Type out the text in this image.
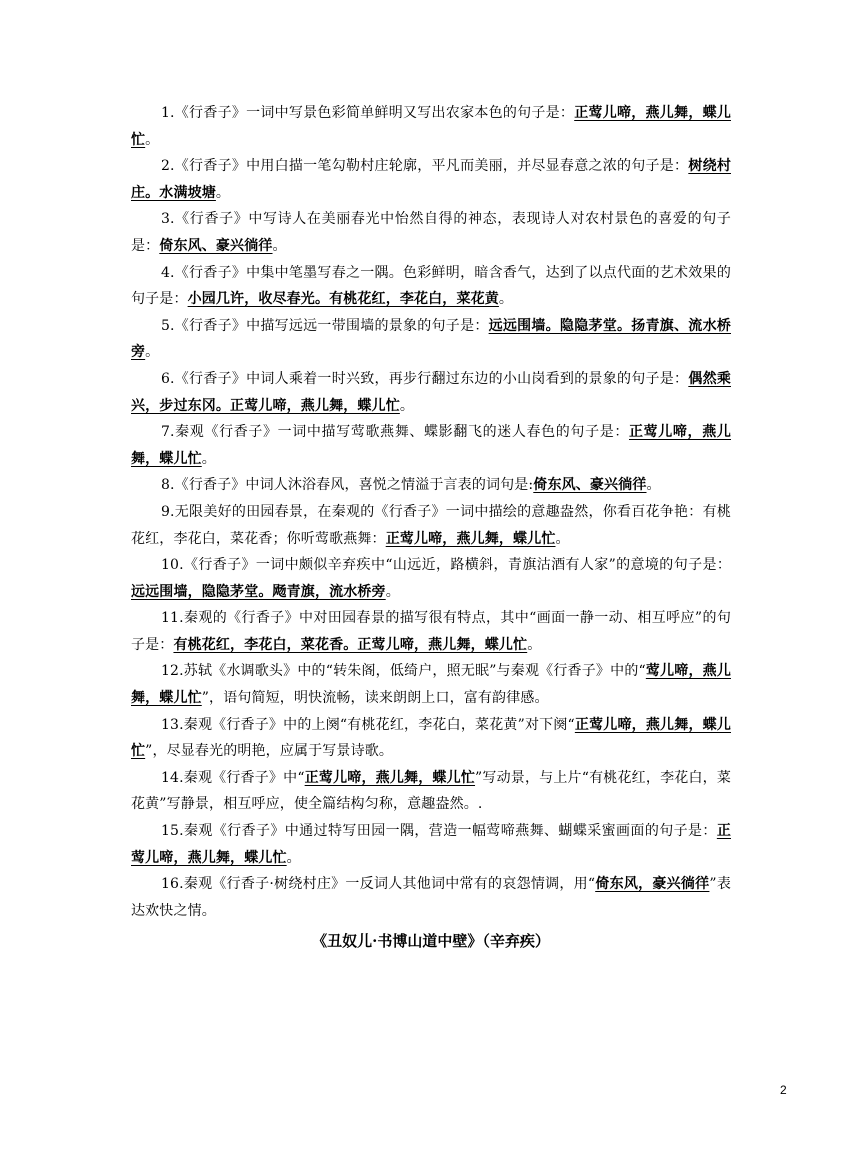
1.《行香子》一词中写景色彩简单鲜明又写出农家本色的句子是：正莺儿啼，燕儿舞，蝶儿忙。

2.《行香子》中用白描一笔勾勒村庄轮廓，平凡而美丽，并尽显春意之浓的句子是：树绕村庄。水满坡塘。

3.《行香子》中写诗人在美丽春光中怡然自得的神态，表现诗人对农村景色的喜爱的句子是：倚东风、豪兴徜徉。

4.《行香子》中集中笔墨写春之一隅。色彩鲜明，暗含香气，达到了以点代面的艺术效果的句子是：小园几许，收尽春光。有桃花红，李花白，菜花黄。

5.《行香子》中描写远远一带围墙的景象的句子是：远远围墙。隐隐茅堂。扬青旗、流水桥旁。

6.《行香子》中词人乘着一时兴致，再步行翻过东边的小山岗看到的景象的句子是：偶然乘兴，步过东冈。正莺儿啼，燕儿舞，蝶儿忙。

7.秦观《行香子》一词中描写莺歌燕舞、蝶影翻飞的迷人春色的句子是：正莺儿啼，燕儿舞，蝶儿忙。

8.《行香子》中词人沐浴春风，喜悦之情溢于言表的词句是:倚东风、豪兴徜徉。

9.无限美好的田园春景，在秦观的《行香子》一词中描绘的意趣盎然，你看百花争艳：有桃花红，李花白，菜花香；你听莺歌燕舞：正莺儿啼，燕儿舞，蝶儿忙。

10.《行香子》一词中颇似辛弃疾中“山远近，路横斜，青旗沽酒有人家”的意境的句子是：远远围墙，隐隐茅堂。飏青旗，流水桥旁。

11.秦观的《行香子》中对田园春景的描写很有特点，其中“画面一静一动、相互呼应”的句子是：有桃花红，李花白，菜花香。正莺儿啼，燕儿舞，蝶儿忙。

12.苏轼《水调歌头》中的“转朱阁，低绮户，照无眠”与秦观《行香子》中的“莺儿啼，燕儿舞，蝶儿忙”，语句简短，明快流畅，读来朗朗上口，富有韵律感。

13.秦观《行香子》中的上阕“有桃花红，李花白，菜花黄”对下阕“正莺儿啼，燕儿舞，蝶儿忙”，尽显春光的明艳，应属于写景诗歌。

14.秦观《行香子》中“正莺儿啼，燕儿舞，蝶儿忙”写动景，与上片“有桃花红，李花白，菜花黄”写静景，相互呼应，使全篇结构匀称，意趣盎然。.

15.秦观《行香子》中通过特写田园一隅，营造一幅莺啼燕舞、蝴蝶采蜜画面的句子是：正莺儿啼，燕儿舞，蝶儿忙。

16.秦观《行香子·树绕村庄》一反词人其他词中常有的哀怨情调，用“倚东风，豪兴徜徉”表达欢快之情。

《丑奴儿·书博山道中壁》（辛弃疾）
2
